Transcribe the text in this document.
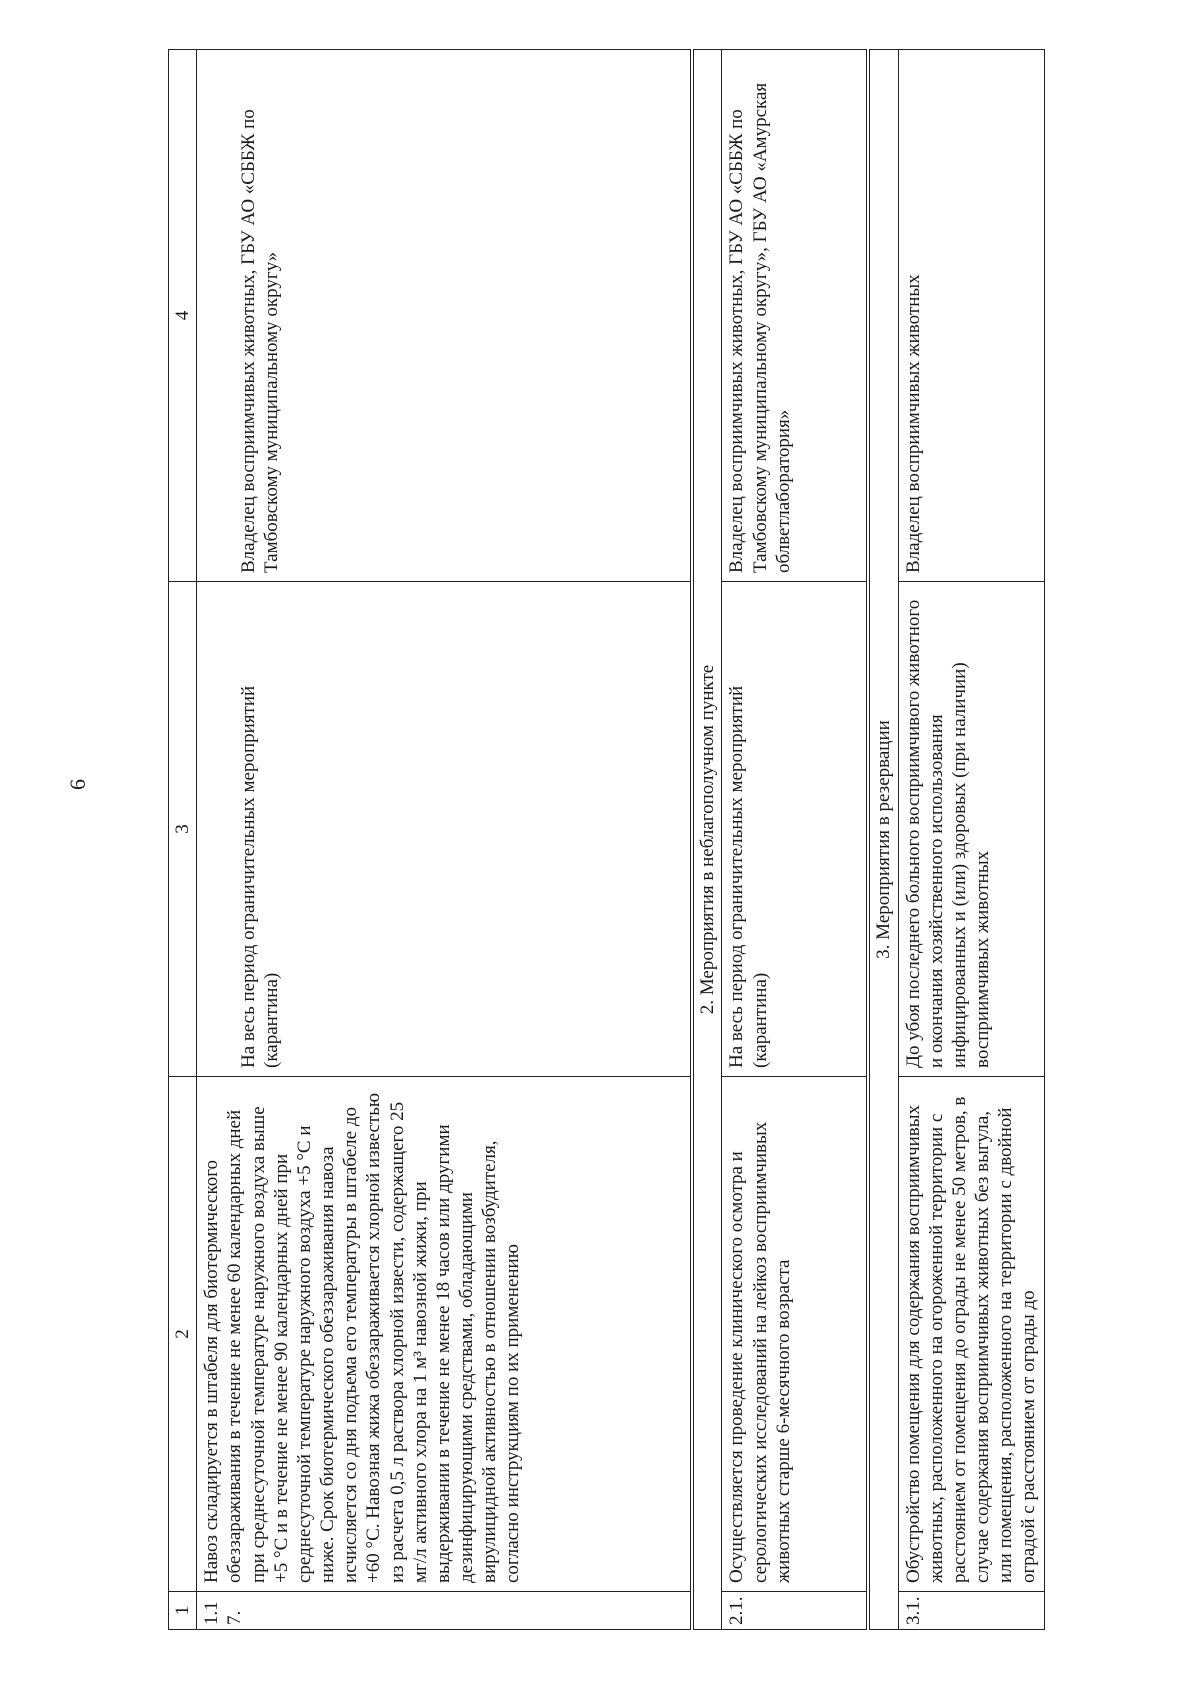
6
1	2	3	4
1.17.	Навоз складируется в штабеля для биотермического обеззараживания в течение не менее 60 календарных дней при среднесуточной температуре наружного воздуха выше +5 °С и в течение не менее 90 календарных дней при среднесуточной температуре наружного воздуха +5 °С и ниже. Срок биотермического обеззараживания навоза исчисляется со дня подъема его температуры в штабеле до +60 °С. Навозная жижа обеззараживается хлорной известью из расчета 0,5 л раствора хлорной извести, содержащего 25 мг/л активного хлора на 1 м³ навозной жижи, при выдерживании в течение не менее 18 часов или другими дезинфицирующими средствами, обладающими вирулицидной активностью в отношении возбудителя, согласно инструкциям по их применению	На весь период ограничительных мероприятий (карантина)	Владелец восприимчивых животных, ГБУ АО «СББЖ по Тамбовскому муниципальному округу»
2. Мероприятия в неблагополучном пункте			
2.1.	Осуществляется проведение клинического осмотра и серологических исследований на лейкоз восприимчивых животных старше 6-месячного возраста	На весь период ограничительных мероприятий (карантина)	Владелец восприимчивых животных, ГБУ АО «СББЖ по Тамбовскому муниципальному округу», ГБУ АО «Амурская облветлаборатория»
3. Мероприятия в резервации			
3.1.	Обустройство помещения для содержания восприимчивых животных, расположенного на огороженной территории с расстоянием от помещения до ограды не менее 50 метров, в случае содержания восприимчивых животных без выгула, или помещения, расположенного на территории с двойной оградой с расстоянием от ограды до	До убоя последнего больного восприимчивого животного и окончания хозяйственного использования инфицированных и (или) здоровых (при наличии) восприимчивых животных	Владелец восприимчивых животных
